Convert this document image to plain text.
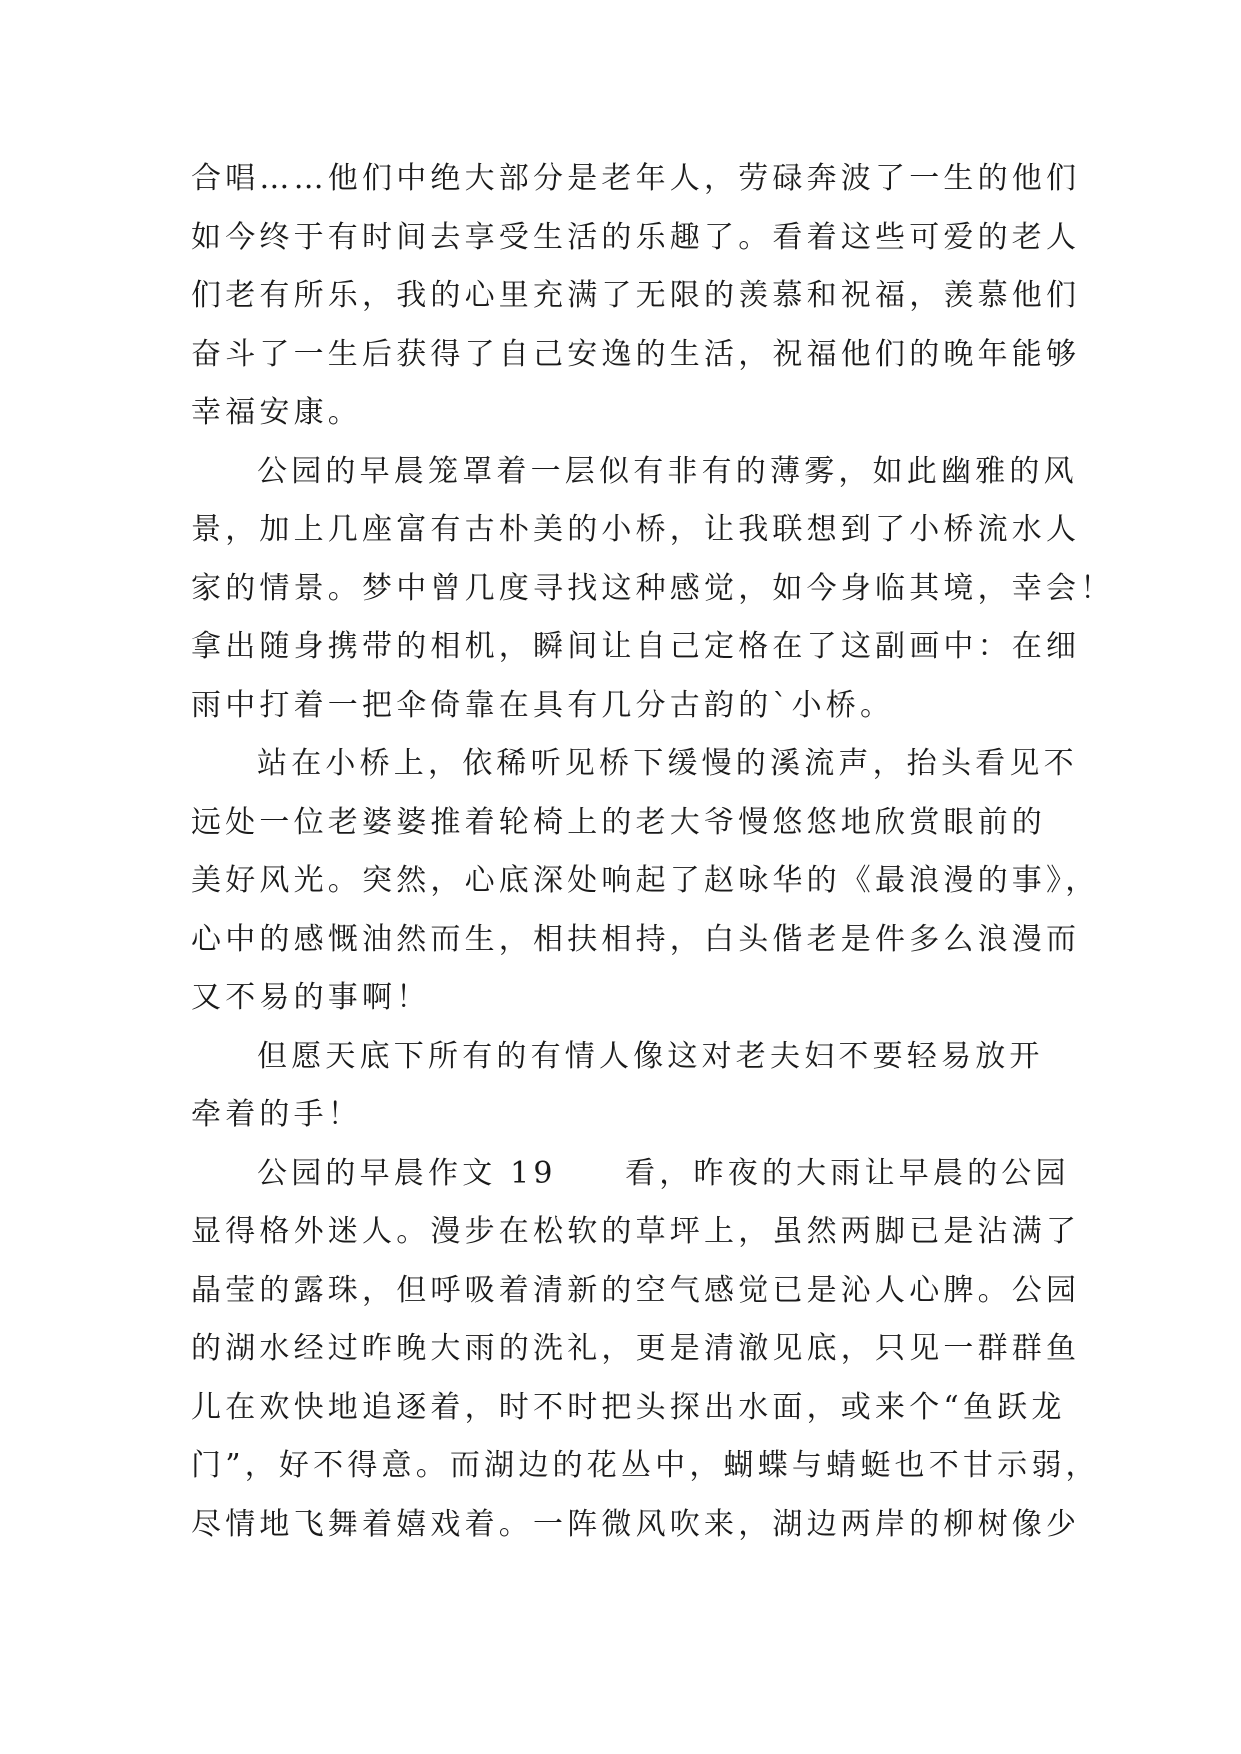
合唱……他们中绝大部分是老年人，劳碌奔波了一生的他们
如今终于有时间去享受生活的乐趣了。看着这些可爱的老人
们老有所乐，我的心里充满了无限的羡慕和祝福，羡慕他们
奋斗了一生后获得了自己安逸的生活，祝福他们的晚年能够
幸福安康。
公园的早晨笼罩着一层似有非有的薄雾，如此幽雅的风
景，加上几座富有古朴美的小桥，让我联想到了小桥流水人
家的情景。梦中曾几度寻找这种感觉，如今身临其境，幸会！
拿出随身携带的相机，瞬间让自己定格在了这副画中：在细
雨中打着一把伞倚靠在具有几分古韵的`小桥。
站在小桥上，依稀听见桥下缓慢的溪流声，抬头看见不
远处一位老婆婆推着轮椅上的老大爷慢悠悠地欣赏眼前的
美好风光。突然，心底深处响起了赵咏华的《最浪漫的事》，
心中的感慨油然而生，相扶相持，白头偕老是件多么浪漫而
又不易的事啊！
但愿天底下所有的有情人像这对老夫妇不要轻易放开
牵着的手！
公园的早晨作文 19　　看，昨夜的大雨让早晨的公园
显得格外迷人。漫步在松软的草坪上，虽然两脚已是沾满了
晶莹的露珠，但呼吸着清新的空气感觉已是沁人心脾。公园
的湖水经过昨晚大雨的洗礼，更是清澈见底，只见一群群鱼
儿在欢快地追逐着，时不时把头探出水面，或来个“鱼跃龙
门”，好不得意。而湖边的花丛中，蝴蝶与蜻蜓也不甘示弱，
尽情地飞舞着嬉戏着。一阵微风吹来，湖边两岸的柳树像少
